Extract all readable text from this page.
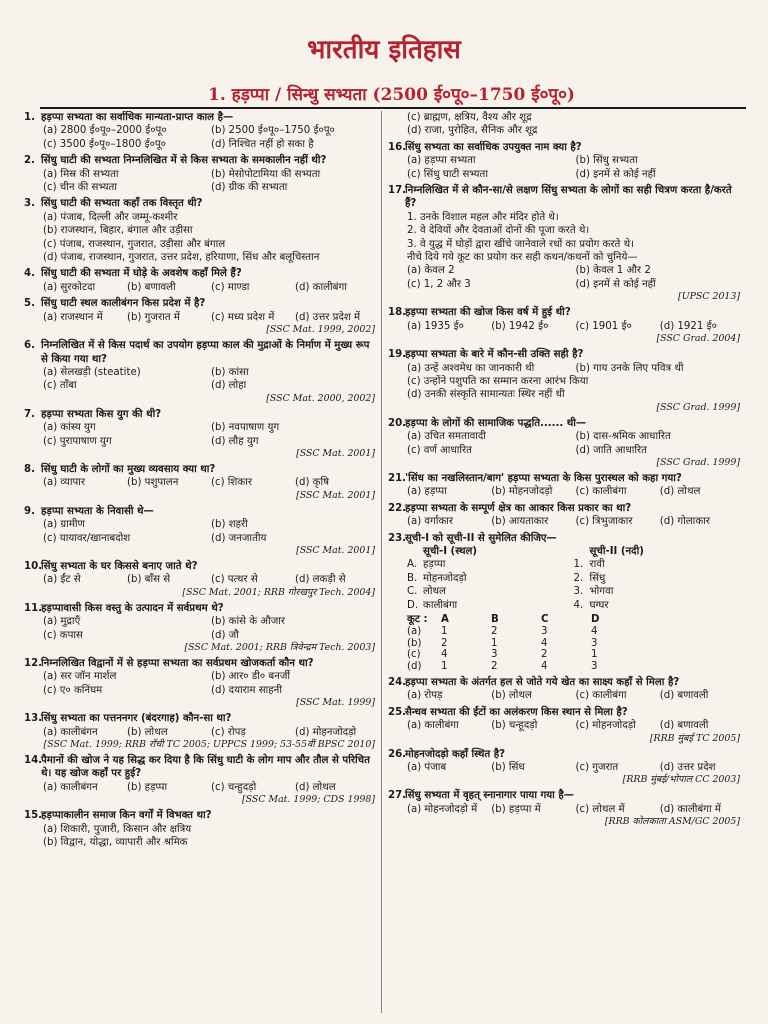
भारतीय इतिहास
1. हड़प्पा / सिन्धु सभ्यता (2500 ई०पू०–1750 ई०पू०)
1. हड़प्पा सभ्यता का सर्वाधिक मान्यता-प्राप्त काल है—
(a) 2800 ई०पू०–2000 ई०पू०	(b) 2500 ई०पू०–1750 ई०पू०
(c) 3500 ई०पू०–1800 ई०पू०	(d) निश्चित नहीं हो सका है
2. सिंधु घाटी की सभ्यता निम्नलिखित में से किस सभ्यता के समकालीन नहीं थी?
(a) मिस्र की सभ्यता	(b) मेसोपोटामिया की सभ्यता
(c) चीन की सभ्यता	(d) ग्रीक की सभ्यता
3. सिंधु घाटी की सभ्यता कहाँ तक विस्तृत थी?
(a) पंजाब, दिल्ली और जम्मू-कश्मीर
(b) राजस्थान, बिहार, बंगाल और उड़ीसा
(c) पंजाब, राजस्थान, गुजरात, उड़ीसा और बंगाल
(d) पंजाब, राजस्थान, गुजरात, उत्तर प्रदेश, हरियाणा, सिंध और बलूचिस्तान
4. सिंधु घाटी की सभ्यता में घोड़े के अवशेष कहाँ मिले हैं?
(a) सुरकोटदा	(b) बणावली	(c) माण्डा	(d) कालीबंगा
5. सिंधु घाटी स्थल कालीबंगन किस प्रदेश में है?
(a) राजस्थान में	(b) गुजरात में	(c) मध्य प्रदेश में	(d) उत्तर प्रदेश में
[SSC Mat. 1999, 2002]
6. निम्नलिखित में से किस पदार्थ का उपयोग हड़प्पा काल की मुद्राओं के निर्माण में मुख्य रूप से किया गया था?
(a) सेलखड़ी (steatite)	(b) कांसा
(c) ताँबा	(d) लोहा
[SSC Mat. 2000, 2002]
7. हड़प्पा सभ्यता किस युग की थी?
(a) कांस्य युग	(b) नवपाषाण युग
(c) पुरापाषाण युग	(d) लौह युग
[SSC Mat. 2001]
8. सिंधु घाटी के लोगों का मुख्य व्यवसाय क्या था?
(a) व्यापार	(b) पशुपालन	(c) शिकार	(d) कृषि
[SSC Mat. 2001]
9. हड़प्पा सभ्यता के निवासी थे—
(a) ग्रामीण	(b) शहरी
(c) यायावर/खानाबदोश	(d) जनजातीय
[SSC Mat. 2001]
10.
सिंधु सभ्यता के घर किससे बनाए जाते थे?
(a) ईंट से	(b) बाँस से	(c) पत्थर से	(d) लकड़ी से
[SSC Mat. 2001; RRB गोरखपुर Tech. 2004]
11.
हड़प्पावासी किस वस्तु के उत्पादन में सर्वप्रथम थे?
(a) मुद्राएँ	(b) कांसे के औजार
(c) कपास	(d) जौ
[SSC Mat. 2001; RRB त्रिवेन्द्रम Tech. 2003]
12.
निम्नलिखित विद्वानों में से हड़प्पा सभ्यता का सर्वप्रथम खोजकर्ता कौन था?
(a) सर जॉन मार्शल	(b) आर० डी० बनर्जी
(c) ए० कनिंघम	(d) दयाराम साहनी
[SSC Mat. 1999]
13.
सिंधु सभ्यता का पत्तननगर (बंदरगाह) कौन-सा था?
(a) कालीबंगन	(b) लोथल	(c) रोपड़	(d) मोहनजोदड़ो
[SSC Mat. 1999; RRB राँची TC 2005; UPPCS 1999; 53-55वीं BPSC 2010]
14.
पैमानों की खोज ने यह सिद्ध कर दिया है कि सिंधु घाटी के लोग माप और तौल से परिचित थे। यह खोज कहाँ पर हुई?
(a) कालीबंगन	(b) हड़प्पा	(c) चन्हुदड़ो	(d) लोथल
[SSC Mat. 1999; CDS 1998]
15.
हड़प्पाकालीन समाज किन वर्गों में विभक्त था?
(a) शिकारी, पुजारी, किसान और क्षत्रिय
(b) विद्वान, योद्धा, व्यापारी और श्रमिक
(c) ब्राह्मण, क्षत्रिय, वैश्य और शूद्र
(d) राजा, पुरोहित, सैनिक और शूद्र
16.
सिंधु सभ्यता का सर्वाधिक उपयुक्त नाम क्या है?
(a) हड़प्पा सभ्यता	(b) सिंधु सभ्यता
(c) सिंधु घाटी सभ्यता	(d) इनमें से कोई नहीं
17.
निम्नलिखित में से कौन-सा/से लक्षण सिंधु सभ्यता के लोगों का सही चित्रण करता है/करते हैं?
1. उनके विशाल महल और मंदिर होते थे।
2. वे देवियों और देवताओं दोनों की पूजा करते थे।
3. वे युद्ध में घोड़ों द्वारा खींचे जानेवाले रथों का प्रयोग करते थे।
नीचे दिये गये कूट का प्रयोग कर सही कथन/कथनों को चुनिये—
(a) केवल 2	(b) केवल 1 और 2
(c) 1, 2 और 3	(d) इनमें से कोई नहीं
[UPSC 2013]
18.
हड़प्पा सभ्यता की खोज किस वर्ष में हुई थी?
(a) 1935 ई०	(b) 1942 ई०	(c) 1901 ई०	(d) 1921 ई०
[SSC Grad. 2004]
19.
हड़प्पा सभ्यता के बारे में कौन-सी उक्ति सही है?
(a) उन्हें अश्वमेध का जानकारी थी	(b) गाय उनके लिए पवित्र थी
(c) उन्होंने पशुपति का सम्मान करना आरंभ किया
(d) उनकी संस्कृति सामान्यतः स्थिर नहीं थी
[SSC Grad. 1999]
20.
हड़प्पा के लोगों की सामाजिक पद्धति...... थी—
(a) उचित समतावादी	(b) दास-श्रमिक आधारित
(c) वर्ण आधारित	(d) जाति आधारित
[SSC Grad. 1999]
21.
'सिंध का नखलिस्तान/बाग' हड़प्पा सभ्यता के किस पुरास्थल को कहा गया?
(a) हड़प्पा	(b) मोहनजोदड़ो	(c) कालीबंगा	(d) लोथल
22.
हड़प्पा सभ्यता के सम्पूर्ण क्षेत्र का आकार किस प्रकार का था?
(a) वर्गाकार	(b) आयताकार	(c) त्रिभुजाकार	(d) गोलाकार
23.
सूची-I को सूची-II से सुमेलित कीजिए—
सूची-I (स्थल)	सूची-II (नदी)
A. हड़प्पा	1. रावी
B. मोहनजोदड़ो	2. सिंधु
C. लोथल	3. भोगवा
D. कालीबंगा	4. घग्घर
कूट :	A	B	C	D
(a)	1	2	3	4
(b)	2	1	4	3
(c)	4	3	2	1
(d)	1	2	4	3
24.
हड़प्पा सभ्यता के अंतर्गत हल से जोते गये खेत का साक्ष्य कहाँ से मिला है?
(a) रोपड़	(b) लोथल	(c) कालीबंगा	(d) बणावली
25.
सैन्धव सभ्यता की ईंटों का अलंकरण किस स्थान से मिला है?
(a) कालीबंगा	(b) चन्हूदड़ो	(c) मोहनजोदड़ो	(d) बणावली
[RRB मुंबई TC 2005]
26.
मोहनजोदड़ो कहाँ स्थित है?
(a) पंजाब	(b) सिंध	(c) गुजरात	(d) उत्तर प्रदेश
[RRB मुंबई/भोपाल CC 2003]
27.
सिंधु सभ्यता में वृहत् स्नानागार पाया गया है—
(a) मोहनजोदड़ो में	(b) हड़प्पा में	(c) लोथल में	(d) कालीबंगा में
[RRB कोलकाता ASM/GC 2005]
